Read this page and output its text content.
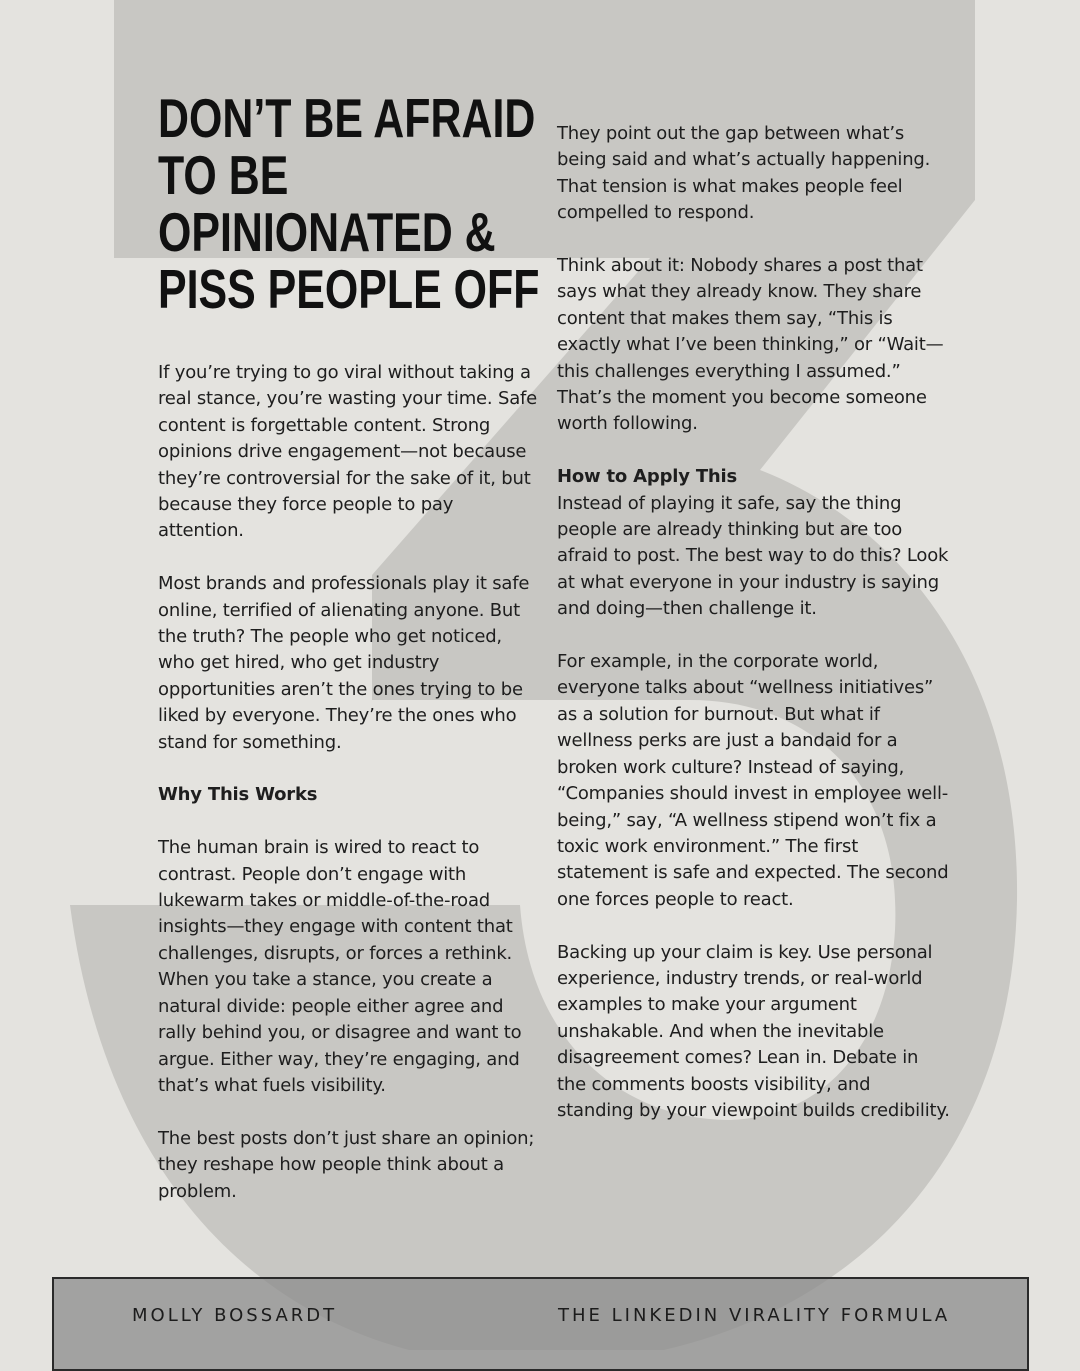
DON’T BE AFRAID
TO BE
OPINIONATED &
PISS PEOPLE OFF

If you’re trying to go viral without taking a real stance, you’re wasting your time. Safe content is forgettable content. Strong opinions drive engagement—not because they’re controversial for the sake of it, but because they force people to pay attention.

Most brands and professionals play it safe online, terrified of alienating anyone. But the truth? The people who get noticed, who get hired, who get industry opportunities aren’t the ones trying to be liked by everyone. They’re the ones who stand for something.

Why This Works

The human brain is wired to react to contrast. People don’t engage with lukewarm takes or middle-of-the-road insights—they engage with content that challenges, disrupts, or forces a rethink. When you take a stance, you create a natural divide: people either agree and rally behind you, or disagree and want to argue. Either way, they’re engaging, and that’s what fuels visibility.

The best posts don’t just share an opinion; they reshape how people think about a problem.

They point out the gap between what’s being said and what’s actually happening. That tension is what makes people feel compelled to respond.

Think about it: Nobody shares a post that says what they already know. They share content that makes them say, “This is exactly what I’ve been thinking,” or “Wait—this challenges everything I assumed.” That’s the moment you become someone worth following.

How to Apply This

Instead of playing it safe, say the thing people are already thinking but are too afraid to post. The best way to do this? Look at what everyone in your industry is saying and doing—then challenge it.

For example, in the corporate world, everyone talks about “wellness initiatives” as a solution for burnout. But what if wellness perks are just a bandaid for a broken work culture? Instead of saying, “Companies should invest in employee well-being,” say, “A wellness stipend won’t fix a toxic work environment.” The first statement is safe and expected. The second one forces people to react.

Backing up your claim is key. Use personal experience, industry trends, or real-world examples to make your argument unshakable. And when the inevitable disagreement comes? Lean in. Debate in the comments boosts visibility, and standing by your viewpoint builds credibility.

MOLLY BOSSARDT	THE LINKEDIN VIRALITY FORMULA
